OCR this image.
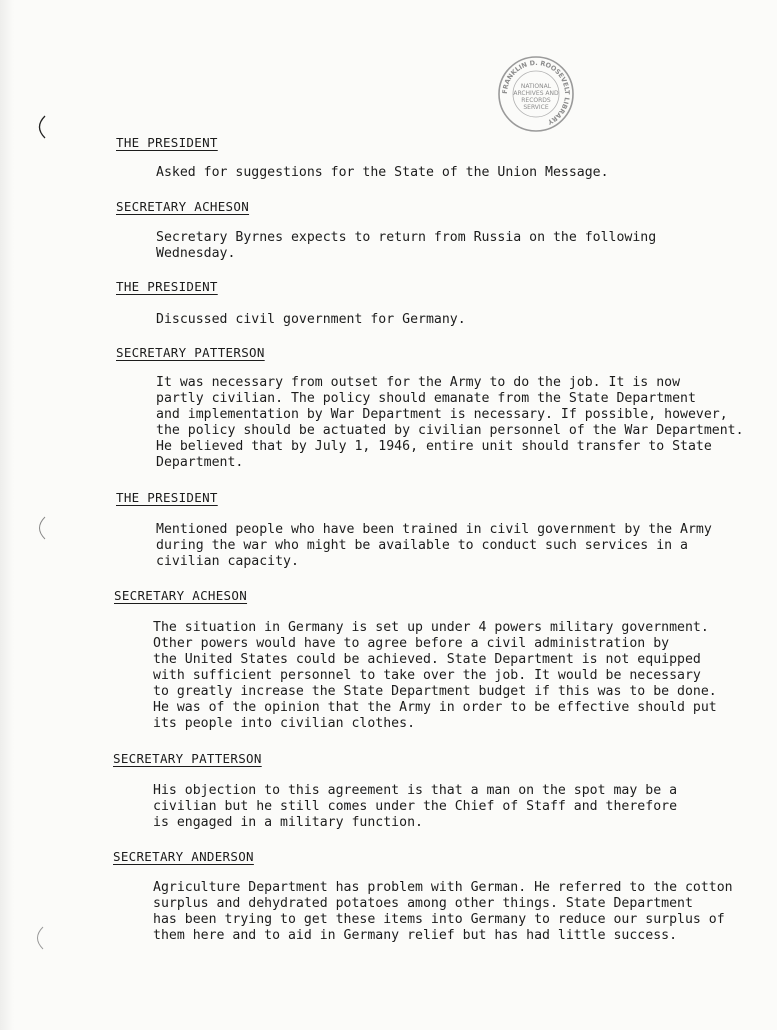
FRANKLIN D. ROOSEVELT LIBRARY
NATIONAL
ARCHIVES AND
RECORDS
SERVICE
THE PRESIDENT
Asked for suggestions for the State of the Union Message.
SECRETARY ACHESON
Secretary Byrnes expects to return from Russia on the following
Wednesday.
THE PRESIDENT
Discussed civil government for Germany.
SECRETARY PATTERSON
It was necessary from outset for the Army to do the job. It is now
partly civilian. The policy should emanate from the State Department
and implementation by War Department is necessary. If possible, however,
the policy should be actuated by civilian personnel of the War Department.
He believed that by July 1, 1946, entire unit should transfer to State
Department.
THE PRESIDENT
Mentioned people who have been trained in civil government by the Army
during the war who might be available to conduct such services in a
civilian capacity.
SECRETARY ACHESON
The situation in Germany is set up under 4 powers military government.
Other powers would have to agree before a civil administration by
the United States could be achieved. State Department is not equipped
with sufficient personnel to take over the job. It would be necessary
to greatly increase the State Department budget if this was to be done.
He was of the opinion that the Army in order to be effective should put
its people into civilian clothes.
SECRETARY PATTERSON
His objection to this agreement is that a man on the spot may be a
civilian but he still comes under the Chief of Staff and therefore
is engaged in a military function.
SECRETARY ANDERSON
Agriculture Department has problem with German. He referred to the cotton
surplus and dehydrated potatoes among other things. State Department
has been trying to get these items into Germany to reduce our surplus of
them here and to aid in Germany relief but has had little success.
